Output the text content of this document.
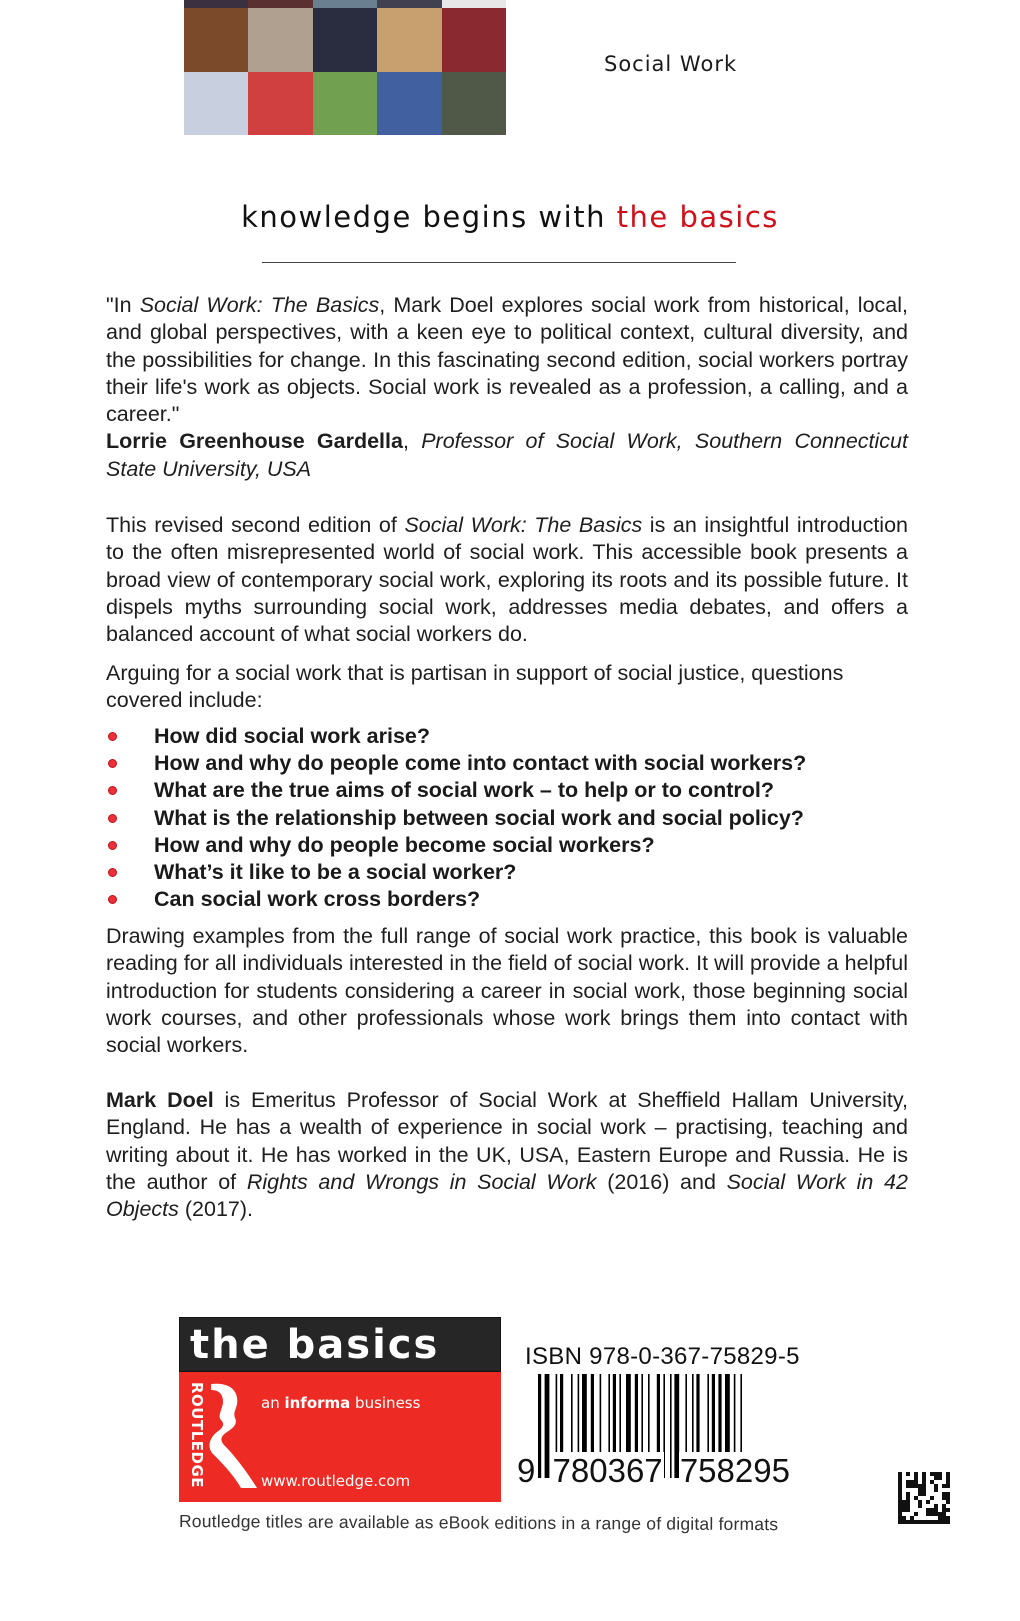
Social Work
knowledge begins with the basics
"In Social Work: The Basics, Mark Doel explores social work from historical, local, and global perspectives, with a keen eye to political context, cultural diversity, and the possibilities for change. In this fascinating second edition, social workers portray their life's work as objects. Social work is revealed as a profession, a calling, and a career."
Lorrie Greenhouse Gardella, Professor of Social Work, Southern Connecticut State University, USA
This revised second edition of Social Work: The Basics is an insightful introduction to the often misrepresented world of social work. This accessible book presents a broad view of contemporary social work, exploring its roots and its possible future. It dispels myths surrounding social work, addresses media debates, and offers a balanced account of what social workers do.
Arguing for a social work that is partisan in support of social justice, questions covered include:
How did social work arise?
How and why do people come into contact with social workers?
What are the true aims of social work – to help or to control?
What is the relationship between social work and social policy?
How and why do people become social workers?
What’s it like to be a social worker?
Can social work cross borders?
Drawing examples from the full range of social work practice, this book is valuable reading for all individuals interested in the field of social work. It will provide a helpful introduction for students considering a career in social work, those beginning social work courses, and other professionals whose work brings them into contact with social workers.
Mark Doel is Emeritus Professor of Social Work at Sheffield Hallam University, England. He has a wealth of experience in social work – practising, teaching and writing about it. He has worked in the UK, USA, Eastern Europe and Russia. He is the author of Rights and Wrongs in Social Work (2016) and Social Work in 42 Objects (2017).
the basics
ROUTLEDGE	an informa business
www.routledge.com
ISBN 978-0-367-75829-5
9 780367 758295
Routledge titles are available as eBook editions in a range of digital formats
